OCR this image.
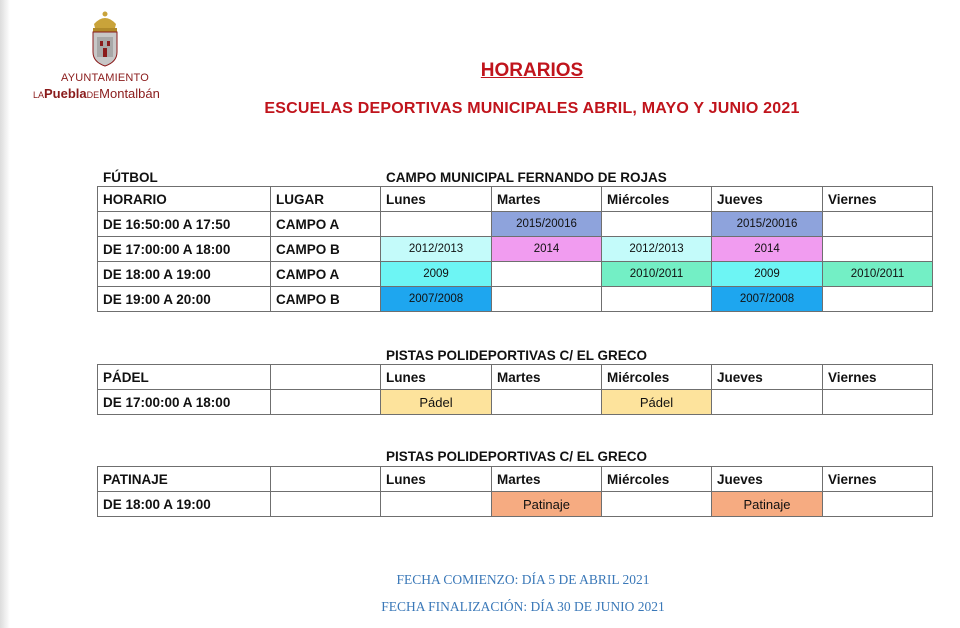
AYUNTAMIENTO
LAPueblaDEMontalbán
HORARIOS
ESCUELAS DEPORTIVAS MUNICIPALES ABRIL, MAYO Y JUNIO 2021
FÚTBOL	CAMPO MUNICIPAL FERNANDO DE ROJAS
HORARIO	LUGAR	Lunes	Martes	Miércoles	Jueves	Viernes
DE 16:50:00 A 17:50	CAMPO A		2015/20016		2015/20016	
DE 17:00:00 A 18:00	CAMPO B	2012/2013	2014	2012/2013	2014	
DE 18:00 A 19:00	CAMPO A	2009		2010/2011	2009	2010/2011
DE 19:00 A 20:00	CAMPO B	2007/2008			2007/2008	
PISTAS POLIDEPORTIVAS C/ EL GRECO
PÁDEL		Lunes	Martes	Miércoles	Jueves	Viernes
DE 17:00:00 A 18:00		Pádel		Pádel		
PISTAS POLIDEPORTIVAS C/ EL GRECO
PATINAJE		Lunes	Martes	Miércoles	Jueves	Viernes
DE 18:00 A 19:00			Patinaje		Patinaje	
FECHA COMIENZO: DÍA 5 DE ABRIL 2021
FECHA FINALIZACIÓN: DÍA 30 DE JUNIO 2021
